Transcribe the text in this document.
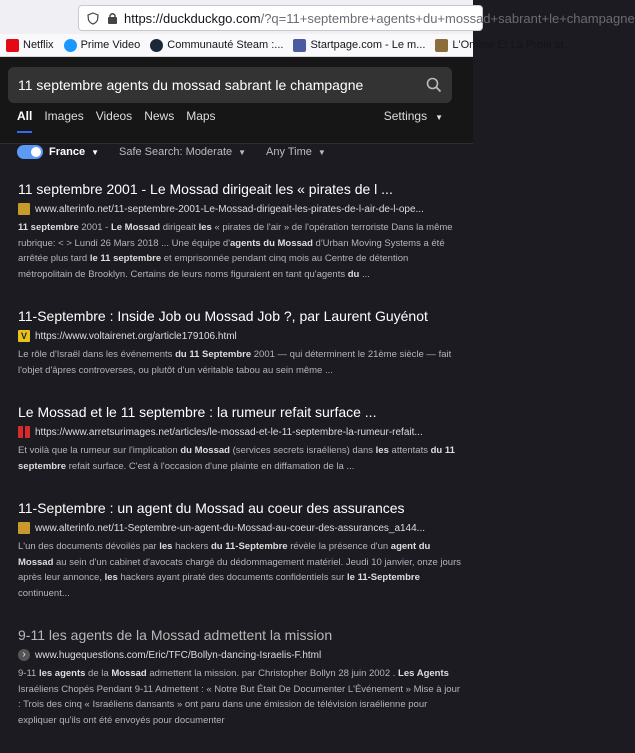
https://duckduckgo.com/?q=11+septembre+agents+du+mossad+sabrant+le+champagne
Netflix Prime Video Communauté Steam :... Startpage.com - Le m... L'Ombre Et La Proie st...
11 septembre agents du mossad sabrant le champagne
All Images Videos News Maps	Settings ▼
France ▼ Safe Search: Moderate ▼ Any Time ▼
11 septembre 2001 - Le Mossad dirigeait les « pirates de l ...
www.alterinfo.net/11-septembre-2001-Le-Mossad-dirigeait-les-pirates-de-l-air-de-l-ope...
11 septembre 2001 - Le Mossad dirigeait les « pirates de l'air » de l'opération terroriste Dans la même rubrique: < > Lundi 26 Mars 2018 ... Une équipe d'agents du Mossad d'Urban Moving Systems a été arrêtée plus tard le 11 septembre et emprisonnée pendant cinq mois au Centre de détention métropolitain de Brooklyn. Certains de leurs noms figuraient en tant qu'agents du ...
11-Septembre : Inside Job ou Mossad Job ?, par Laurent Guyénot
V https://www.voltairenet.org/article179106.html
Le rôle d'Israël dans les événements du 11 Septembre 2001 — qui déterminent le 21ème siècle — fait l'objet d'âpres controverses, ou plutôt d'un véritable tabou au sein même ...
Le Mossad et le 11 septembre : la rumeur refait surface ...
https://www.arretsurimages.net/articles/le-mossad-et-le-11-septembre-la-rumeur-refait...
Et voilà que la rumeur sur l'implication du Mossad (services secrets israéliens) dans les attentats du 11 septembre refait surface. C'est à l'occasion d'une plainte en diffamation de la ...
11-Septembre : un agent du Mossad au coeur des assurances
www.alterinfo.net/11-Septembre-un-agent-du-Mossad-au-coeur-des-assurances_a144...
L'un des documents dévoilés par les hackers du 11-Septembre révèle la présence d'un agent du Mossad au sein d'un cabinet d'avocats chargé du dédommagement matériel. Jeudi 10 janvier, onze jours après leur annonce, les hackers ayant piraté des documents confidentiels sur le 11-Septembre continuent...
9-11 les agents de la Mossad admettent la mission
› www.hugequestions.com/Eric/TFC/Bollyn-dancing-Israelis-F.html
9-11 les agents de la Mossad admettent la mission. par Christopher Bollyn 28 juin 2002 . Les Agents Israéliens Chopés Pendant 9-11 Admettent : « Notre But Était De Documenter L'Événement » Mise à jour : Trois des cinq « Israéliens dansants » ont paru dans une émission de télévision israélienne pour expliquer qu'ils ont été envoyés pour documenter
